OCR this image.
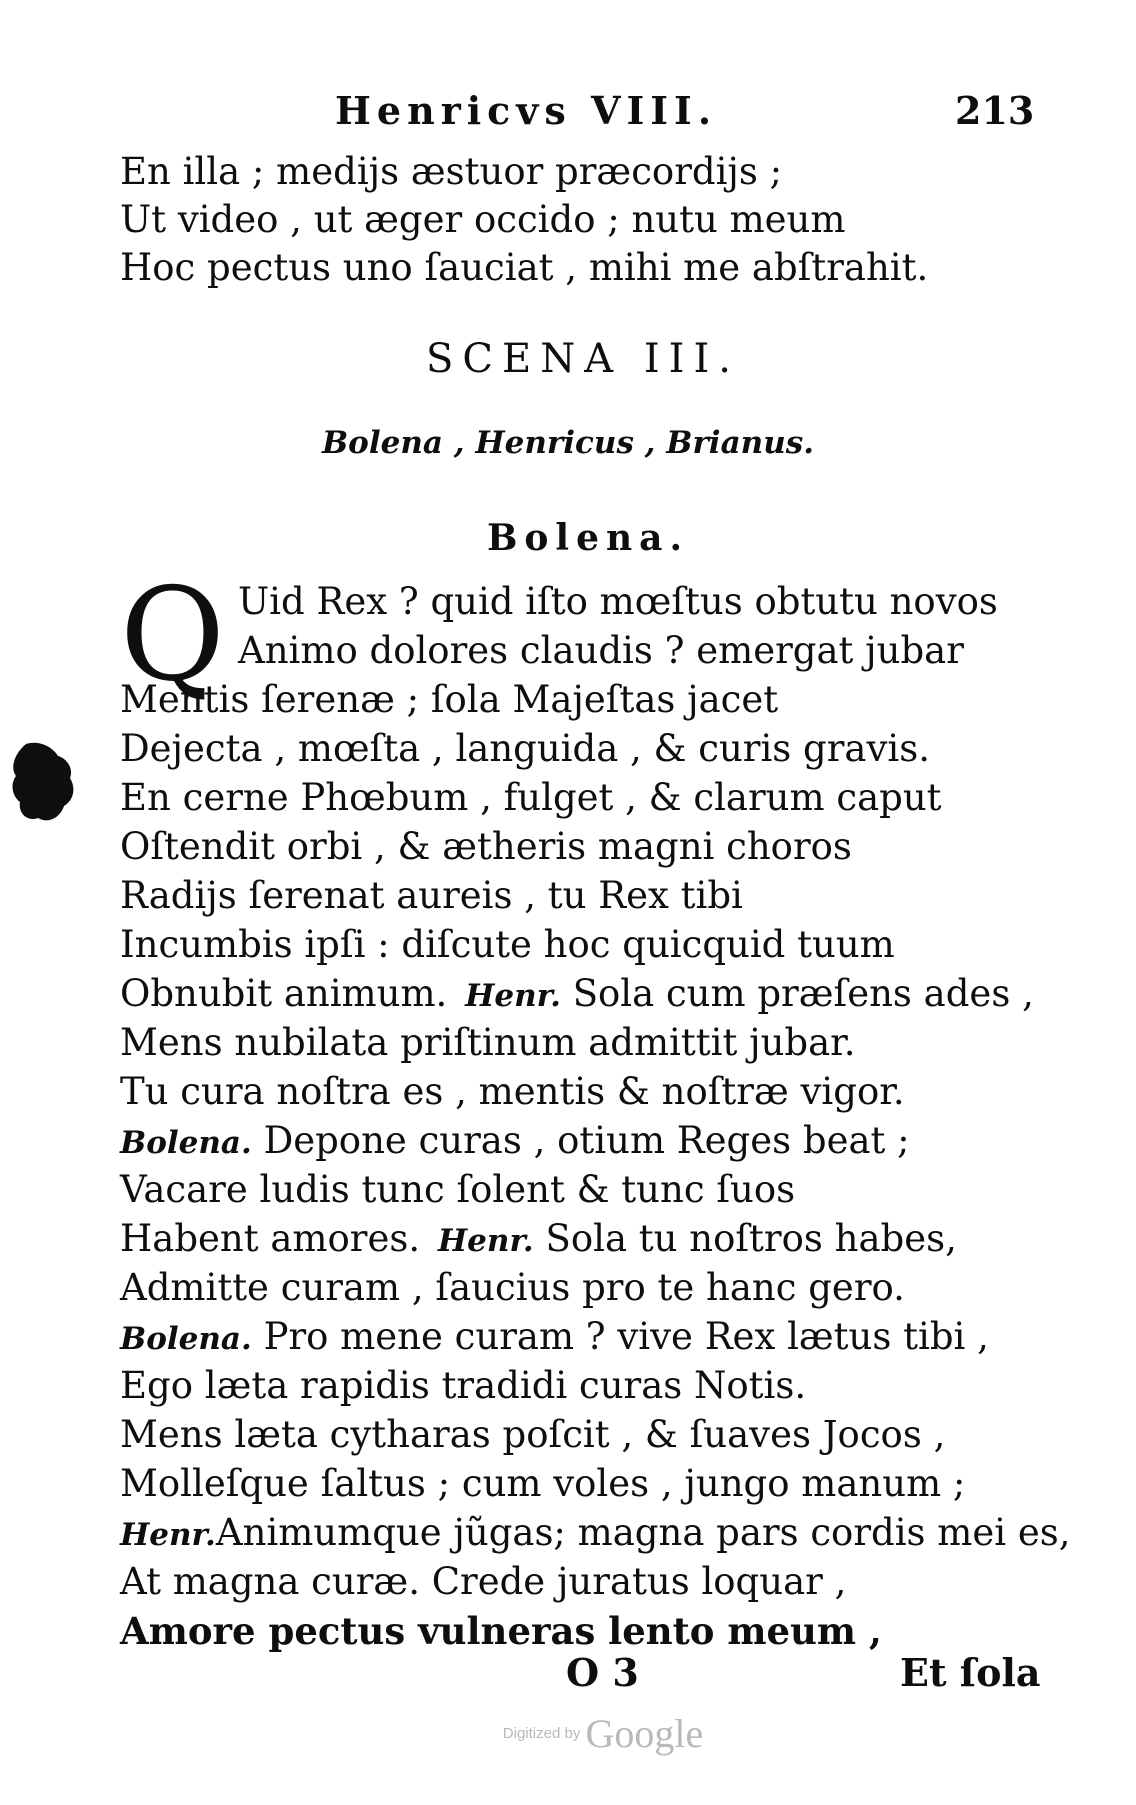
Henricvs VIII.	213
En illa ; medijs æstuor præcordijs ;
Ut video , ut æger occido ; nutu meum
Hoc pectus uno ſauciat , mihi me abſtrahit.
SCENA III.
Bolena , Henricus , Brianus.
Bolena.
Q Uid Rex ? quid iſto mœſtus obtutu novos
Animo dolores claudis ? emergat jubar
Mentis ſerenæ ; ſola Majeſtas jacet
Dejecta , mœſta , languida , & curis gravis.
En cerne Phœbum , fulget , & clarum caput
Oſtendit orbi , & ætheris magni choros
Radijs ſerenat aureis , tu Rex tibi
Incumbis ipſi : diſcute hoc quicquid tuum
Obnubit animum. Henr. Sola cum præſens ades ,
Mens nubilata priſtinum admittit jubar.
Tu cura noſtra es , mentis & noſtræ vigor.
Bolena. Depone curas , otium Reges beat ;
Vacare ludis tunc ſolent & tunc ſuos
Habent amores. Henr. Sola tu noſtros habes,
Admitte curam , ſaucius pro te hanc gero.
Bolena. Pro mene curam ? vive Rex lætus tibi ,
Ego læta rapidis tradidi curas Notis.
Mens læta cytharas poſcit , & ſuaves Jocos ,
Molleſque ſaltus ; cum voles , jungo manum ;
Henr.Animumque jũgas; magna pars cordis mei es,
At magna curæ. Crede juratus loquar ,
Amore pectus vulneras lento meum ,
O 3	Et ſola
Digitized by Google
